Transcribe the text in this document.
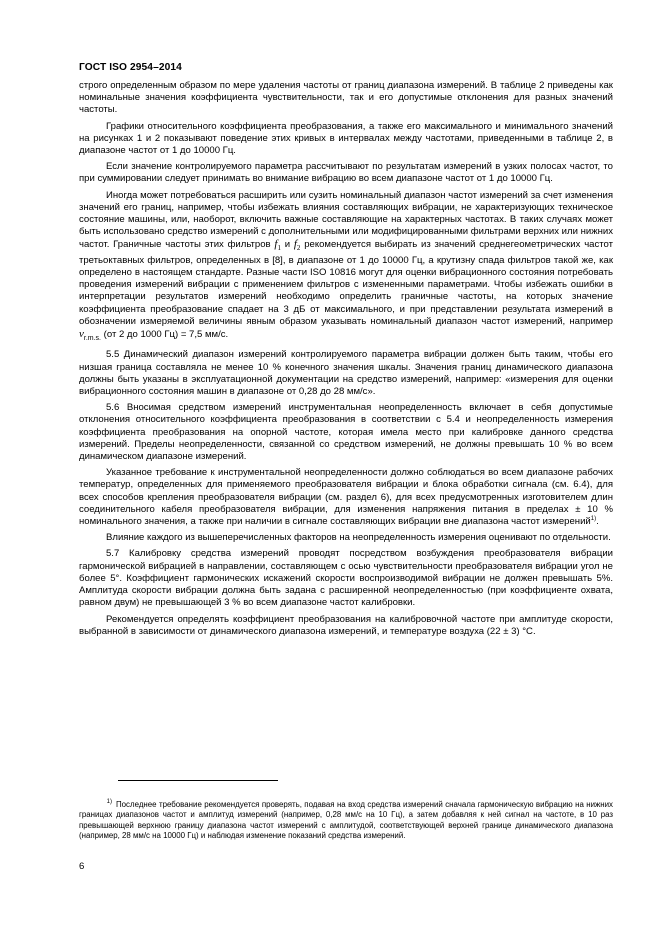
ГОСТ ISO 2954–2014

строго определенным образом по мере удаления частоты от границ диапазона измерений. В таблице 2 приведены как номинальные значения коэффициента чувствительности, так и его допустимые отклонения для разных значений частоты.

Графики относительного коэффициента преобразования, а также его максимального и минимального значений на рисунках 1 и 2 показывают поведение этих кривых в интервалах между частотами, приведенными в таблице 2, в диапазоне частот от 1 до 10000 Гц.

Если значение контролируемого параметра рассчитывают по результатам измерений в узких полосах частот, то при суммировании следует принимать во внимание вибрацию во всем диапазоне частот от 1 до 10000 Гц.

Иногда может потребоваться расширить или сузить номинальный диапазон частот измерений за счет изменения значений его границ, например, чтобы избежать влияния составляющих вибрации, не характеризующих техническое состояние машины, или, наоборот, включить важные составляющие на характерных частотах. В таких случаях может быть использовано средство измерений с дополнительными или модифицированными фильтрами верхних или нижних частот. Граничные частоты этих фильтров $f_1$ и $f_2$ рекомендуется выбирать из значений среднегеометрических частот третьоктавных фильтров, определенных в [8], в диапазоне от 1 до 10000 Гц, а крутизну спада фильтров такой же, как определено в настоящем стандарте. Разные части ISO 10816 могут для оценки вибрационного состояния потребовать проведения измерений вибрации с применением фильтров с измененными параметрами. Чтобы избежать ошибки в интерпретации результатов измерений необходимо определить граничные частоты, на которых значение коэффициента преобразование спадает на 3 дБ от максимального, и при представлении результата измерений в обозначении измеряемой величины явным образом указывать номинальный диапазон частот измерений, например $v_{r.m.s.}$ (от 2 до 1000 Гц) = 7,5 мм/с.

5.5 Динамический диапазон измерений контролируемого параметра вибрации должен быть таким, чтобы его низшая граница составляла не менее 10 % конечного значения шкалы. Значения границ динамического диапазона должны быть указаны в эксплуатационной документации на средство измерений, например: «измерения для оценки вибрационного состояния машин в диапазоне от 0,28 до 28 мм/с».

5.6 Вносимая средством измерений инструментальная неопределенность включает в себя допустимые отклонения относительного коэффициента преобразования в соответствии с 5.4 и неопределенность измерения коэффициента преобразования на опорной частоте, которая имела место при калибровке данного средства измерений. Пределы неопределенности, связанной со средством измерений, не должны превышать 10 % во всем динамическом диапазоне измерений.

Указанное требование к инструментальной неопределенности должно соблюдаться во всем диапазоне рабочих температур, определенных для применяемого преобразователя вибрации и блока обработки сигнала (см. 6.4), для всех способов крепления преобразователя вибрации (см. раздел 6), для всех предусмотренных изготовителем длин соединительного кабеля преобразователя вибрации, для изменения напряжения питания в пределах ± 10 % номинального значения, а также при наличии в сигнале составляющих вибрации вне диапазона частот измерений$^{1)}$.

Влияние каждого из вышеперечисленных факторов на неопределенность измерения оценивают по отдельности.

5.7 Калибровку средства измерений проводят посредством возбуждения преобразователя вибрации гармонической вибрацией в направлении, составляющем с осью чувствительности преобразователя вибрации угол не более 5°. Коэффициент гармонических искажений скорости воспроизводимой вибрации не должен превышать 5%. Амплитуда скорости вибрации должна быть задана с расширенной неопределенностью (при коэффициенте охвата, равном двум) не превышающей 3 % во всем диапазоне частот калибровки.

Рекомендуется определять коэффициент преобразования на калибровочной частоте при амплитуде скорости, выбранной в зависимости от динамического диапазона измерений, и температуре воздуха (22 ± 3) °С.

1) Последнее требование рекомендуется проверять, подавая на вход средства измерений сначала гармоническую вибрацию на нижних границах диапазонов частот и амплитуд измерений (например, 0,28 мм/с на 10 Гц), а затем добавляя к ней сигнал на частоте, в 10 раз превышающей верхнюю границу диапазона частот измерений с амплитудой, соответствующей верхней границе динамического диапазона (например, 28 мм/с на 10000 Гц) и наблюдая изменение показаний средства измерений.
6
